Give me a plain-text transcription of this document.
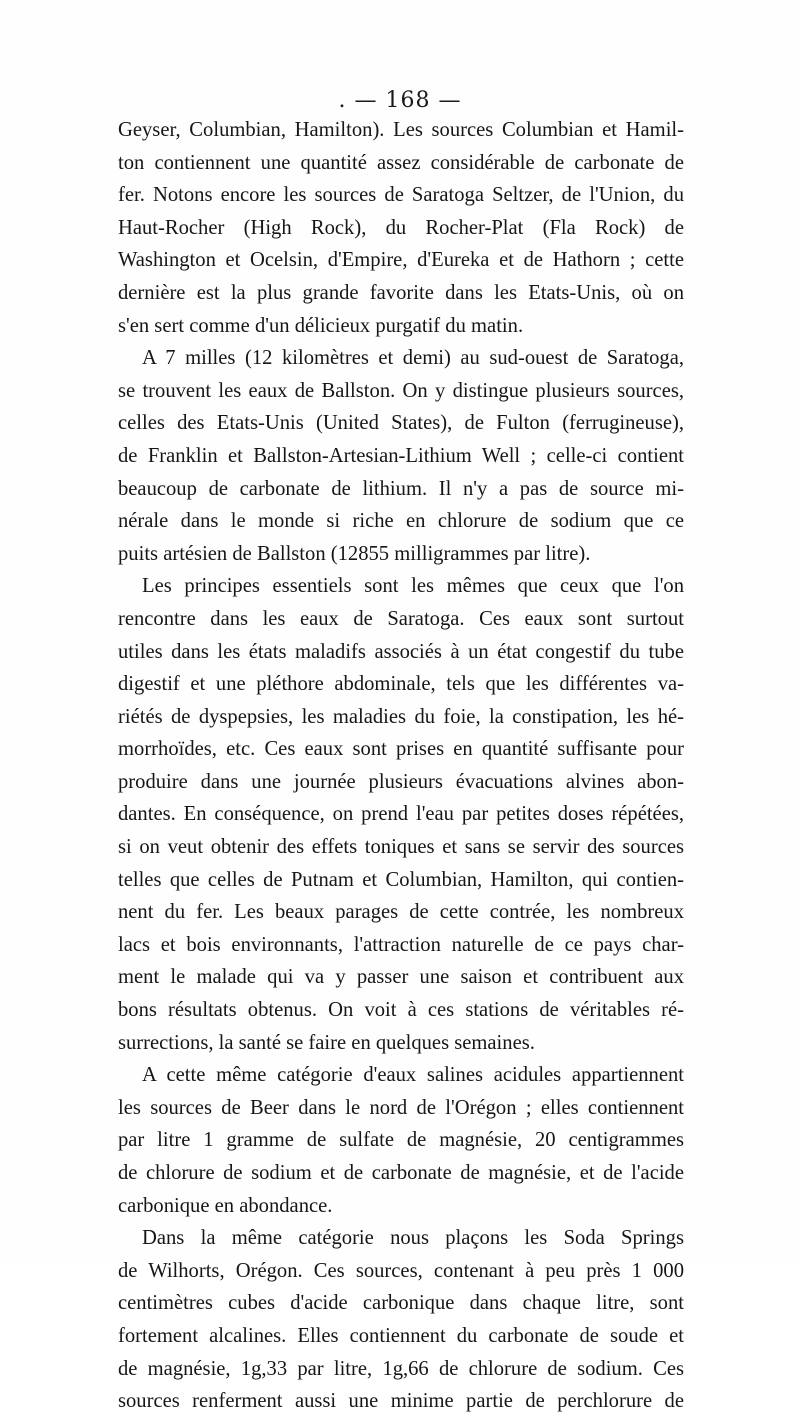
. — 168 —
Geyser, Columbian, Hamilton). Les sources Columbian et Hamil-
ton contiennent une quantité assez considérable de carbonate de
fer. Notons encore les sources de Saratoga Seltzer, de l'Union, du
Haut-Rocher (High Rock), du Rocher-Plat (Fla Rock) de
Washington et Ocelsin, d'Empire, d'Eureka et de Hathorn ; cette
dernière est la plus grande favorite dans les Etats-Unis, où on
s'en sert comme d'un délicieux purgatif du matin.
A 7 milles (12 kilomètres et demi) au sud-ouest de Saratoga,
se trouvent les eaux de Ballston. On y distingue plusieurs sources,
celles des Etats-Unis (United States), de Fulton (ferrugineuse),
de Franklin et Ballston-Artesian-Lithium Well ; celle-ci contient
beaucoup de carbonate de lithium. Il n'y a pas de source mi-
nérale dans le monde si riche en chlorure de sodium que ce
puits artésien de Ballston (12855 milligrammes par litre).
Les principes essentiels sont les mêmes que ceux que l'on
rencontre dans les eaux de Saratoga. Ces eaux sont surtout
utiles dans les états maladifs associés à un état congestif du tube
digestif et une pléthore abdominale, tels que les différentes va-
riétés de dyspepsies, les maladies du foie, la constipation, les hé-
morrhoïdes, etc. Ces eaux sont prises en quantité suffisante pour
produire dans une journée plusieurs évacuations alvines abon-
dantes. En conséquence, on prend l'eau par petites doses répétées,
si on veut obtenir des effets toniques et sans se servir des sources
telles que celles de Putnam et Columbian, Hamilton, qui contien-
nent du fer. Les beaux parages de cette contrée, les nombreux
lacs et bois environnants, l'attraction naturelle de ce pays char-
ment le malade qui va y passer une saison et contribuent aux
bons résultats obtenus. On voit à ces stations de véritables ré-
surrections, la santé se faire en quelques semaines.
A cette même catégorie d'eaux salines acidules appartiennent
les sources de Beer dans le nord de l'Orégon ; elles contiennent
par litre 1 gramme de sulfate de magnésie, 20 centigrammes
de chlorure de sodium et de carbonate de magnésie, et de l'acide
carbonique en abondance.
Dans la même catégorie nous plaçons les Soda Springs
de Wilhorts, Orégon. Ces sources, contenant à peu près 1 000
centimètres cubes d'acide carbonique dans chaque litre, sont
fortement alcalines. Elles contiennent du carbonate de soude et
de magnésie, 1g,33 par litre, 1g,66 de chlorure de sodium. Ces
sources renferment aussi une minime partie de perchlorure de
